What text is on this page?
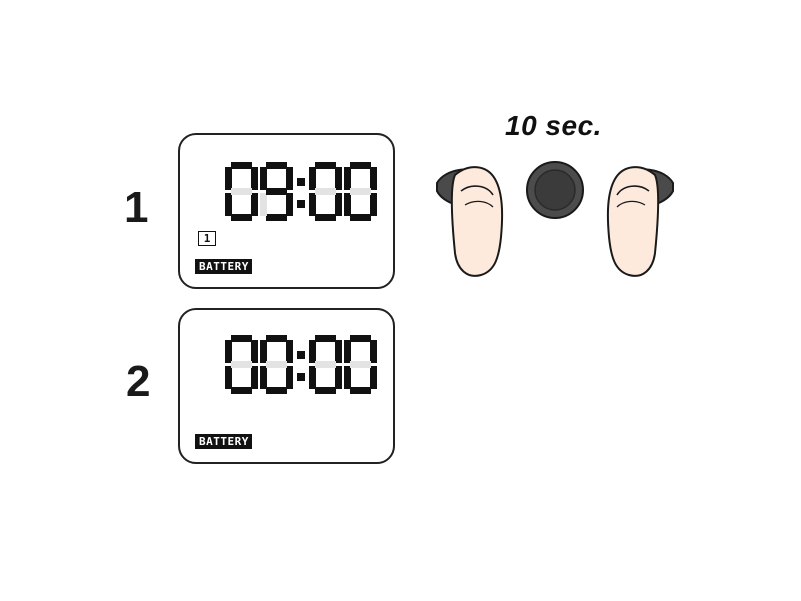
1
1
BATTERY
2
BATTERY
10 sec.
